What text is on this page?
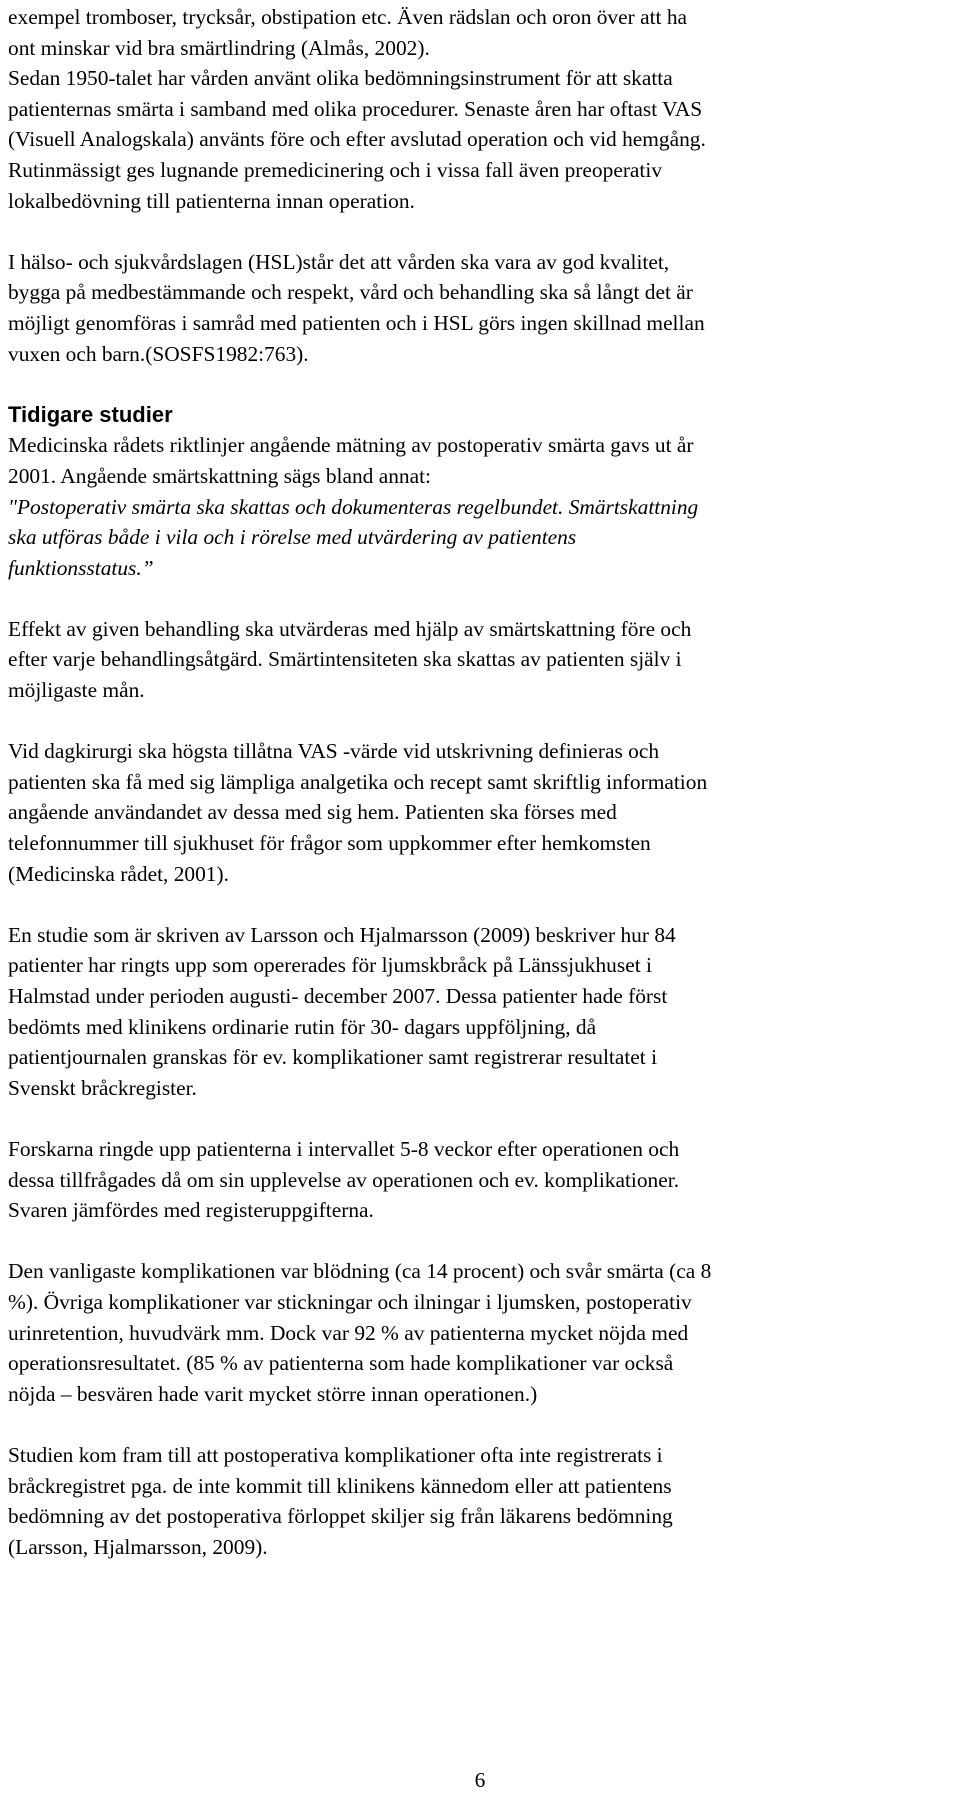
exempel tromboser, trycksår, obstipation etc. Även rädslan och oron över att ha
ont minskar vid bra smärtlindring (Almås, 2002).
Sedan 1950-talet har vården använt olika bedömningsinstrument för att skatta
patienternas smärta i samband med olika procedurer. Senaste åren har oftast VAS
(Visuell Analogskala) använts före och efter avslutad operation och vid hemgång.
Rutinmässigt ges lugnande premedicinering och i vissa fall även preoperativ
lokalbedövning till patienterna innan operation.

I hälso- och sjukvårdslagen (HSL)står det att vården ska vara av god kvalitet,
bygga på medbestämmande och respekt, vård och behandling ska så långt det är
möjligt genomföras i samråd med patienten och i HSL görs ingen skillnad mellan
vuxen och barn.(SOSFS1982:763).

Tidigare studier

Medicinska rådets riktlinjer angående mätning av postoperativ smärta gavs ut år
2001. Angående smärtskattning sägs bland annat:
"Postoperativ smärta ska skattas och dokumenteras regelbundet. Smärtskattning
ska utföras både i vila och i rörelse med utvärdering av patientens
funktionsstatus.”

Effekt av given behandling ska utvärderas med hjälp av smärtskattning före och
efter varje behandlingsåtgärd. Smärtintensiteten ska skattas av patienten själv i
möjligaste mån.

Vid dagkirurgi ska högsta tillåtna VAS -värde vid utskrivning definieras och
patienten ska få med sig lämpliga analgetika och recept samt skriftlig information
angående användandet av dessa med sig hem. Patienten ska förses med
telefonnummer till sjukhuset för frågor som uppkommer efter hemkomsten
(Medicinska rådet, 2001).

En studie som är skriven av Larsson och Hjalmarsson (2009) beskriver hur 84
patienter har ringts upp som opererades för ljumskbråck på Länssjukhuset i
Halmstad under perioden augusti- december 2007. Dessa patienter hade först
bedömts med klinikens ordinarie rutin för 30- dagars uppföljning, då
patientjournalen granskas för ev. komplikationer samt registrerar resultatet i
Svenskt bråckregister.

Forskarna ringde upp patienterna i intervallet 5-8 veckor efter operationen och
dessa tillfrågades då om sin upplevelse av operationen och ev. komplikationer.
Svaren jämfördes med registeruppgifterna.

Den vanligaste komplikationen var blödning (ca 14 procent) och svår smärta (ca 8
%). Övriga komplikationer var stickningar och ilningar i ljumsken, postoperativ
urinretention, huvudvärk mm. Dock var 92 % av patienterna mycket nöjda med
operationsresultatet. (85 % av patienterna som hade komplikationer var också
nöjda – besvären hade varit mycket större innan operationen.)

Studien kom fram till att postoperativa komplikationer ofta inte registrerats i
bråckregistret pga. de inte kommit till klinikens kännedom eller att patientens
bedömning av det postoperativa förloppet skiljer sig från läkarens bedömning
(Larsson, Hjalmarsson, 2009).

6
